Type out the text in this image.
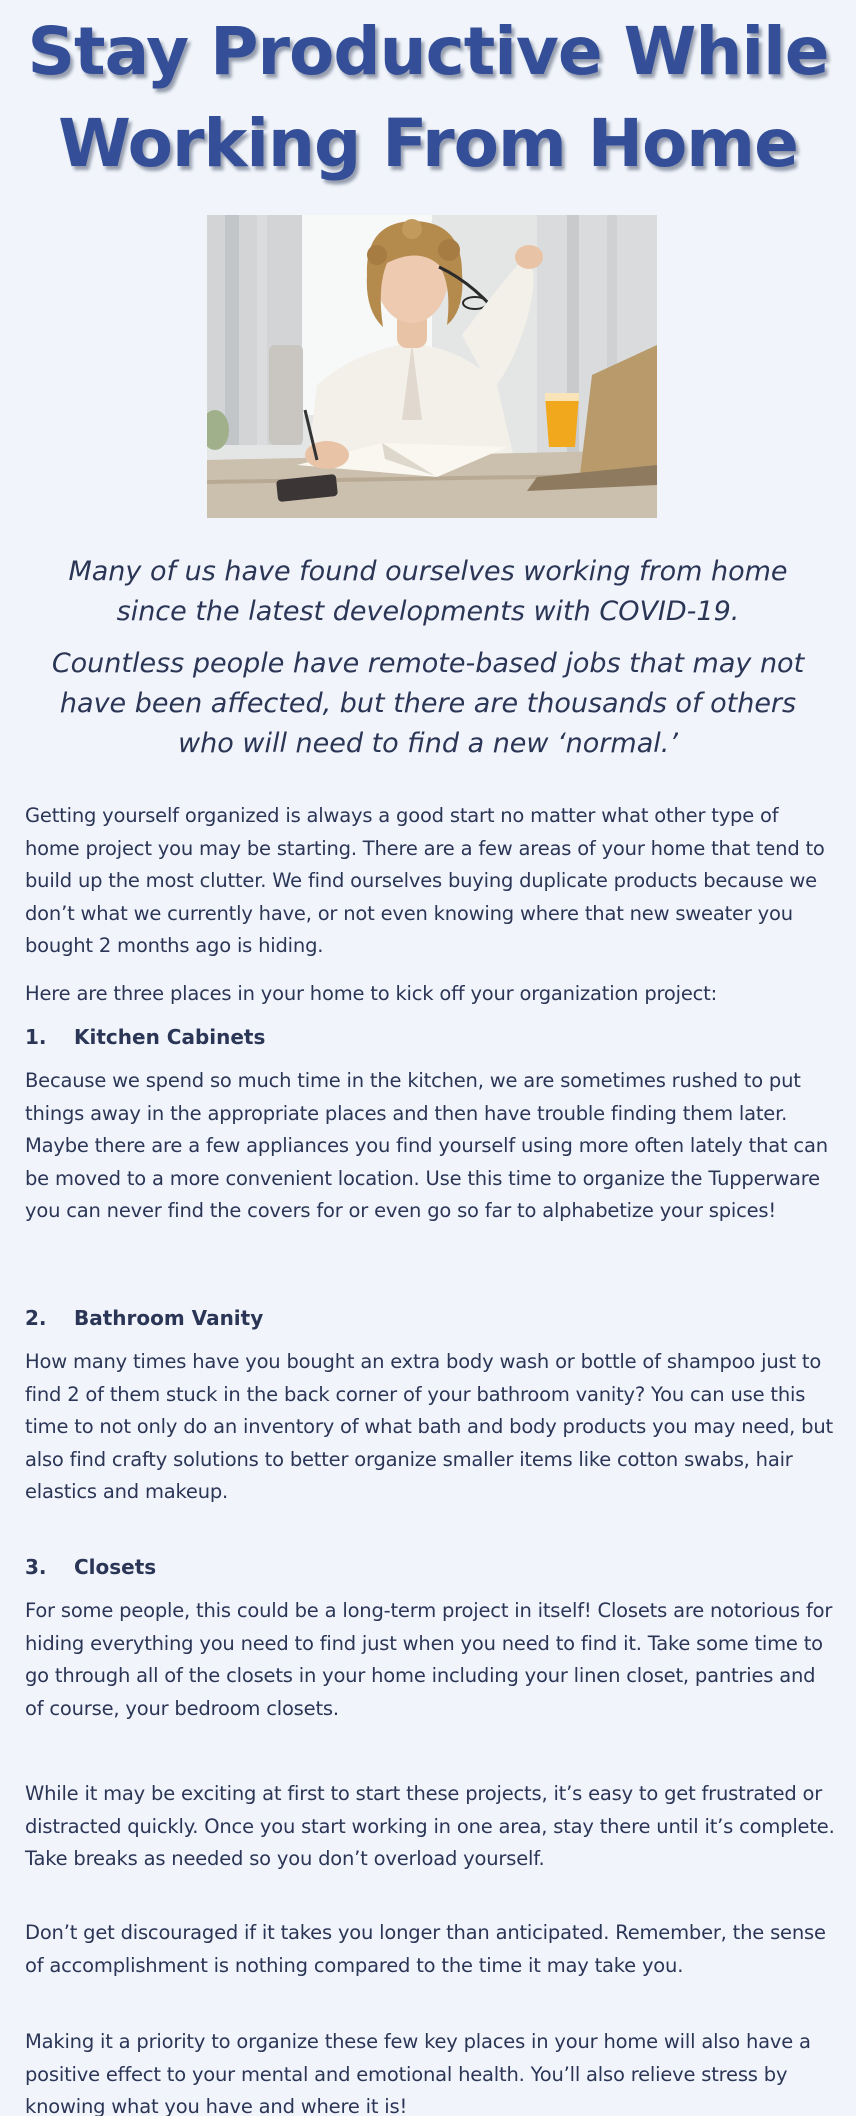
Stay Productive While
Working From Home

Many of us have found ourselves working from home since the latest developments with COVID-19.

Countless people have remote-based jobs that may not have been affected, but there are thousands of others who will need to find a new ‘normal.’

Getting yourself organized is always a good start no matter what other type of home project you may be starting. There are a few areas of your home that tend to build up the most clutter. We find ourselves buying duplicate products because we don’t what we currently have, or not even knowing where that new sweater you bought 2 months ago is hiding.

Here are three places in your home to kick off your organization project:

1. Kitchen Cabinets

Because we spend so much time in the kitchen, we are sometimes rushed to put things away in the appropriate places and then have trouble finding them later. Maybe there are a few appliances you find yourself using more often lately that can be moved to a more convenient location. Use this time to organize the Tupperware you can never find the covers for or even go so far to alphabetize your spices!

2. Bathroom Vanity

How many times have you bought an extra body wash or bottle of shampoo just to find 2 of them stuck in the back corner of your bathroom vanity? You can use this time to not only do an inventory of what bath and body products you may need, but also find crafty solutions to better organize smaller items like cotton swabs, hair elastics and makeup.

3. Closets

For some people, this could be a long-term project in itself! Closets are notorious for hiding everything you need to find just when you need to find it. Take some time to go through all of the closets in your home including your linen closet, pantries and of course, your bedroom closets.

While it may be exciting at first to start these projects, it’s easy to get frustrated or distracted quickly. Once you start working in one area, stay there until it’s complete. Take breaks as needed so you don’t overload yourself.

Don’t get discouraged if it takes you longer than anticipated. Remember, the sense of accomplishment is nothing compared to the time it may take you.

Making it a priority to organize these few key places in your home will also have a positive effect to your mental and emotional health. You’ll also relieve stress by knowing what you have and where it is!
